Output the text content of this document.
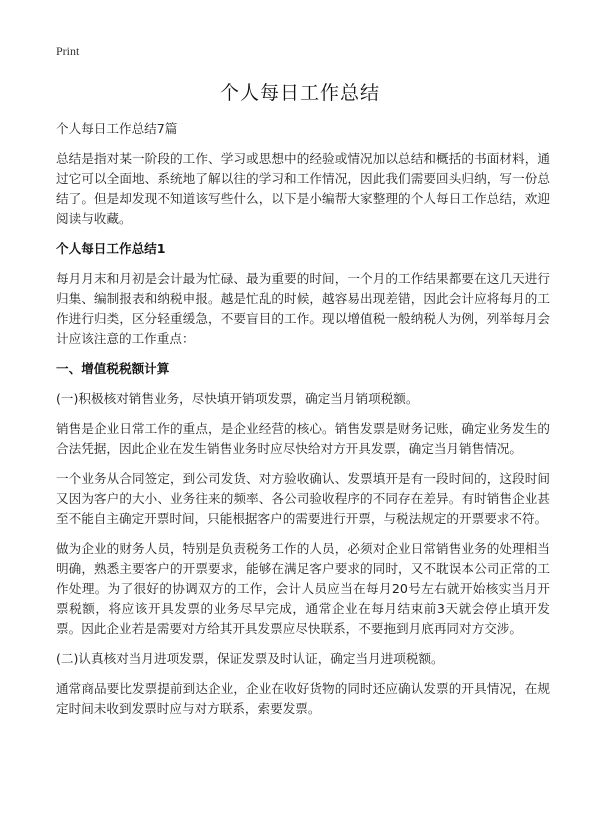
Print
个人每日工作总结

个人每日工作总结7篇

总结是指对某一阶段的工作、学习或思想中的经验或情况加以总结和概括的书面材料，通过它可以全面地、系统地了解以往的学习和工作情况，因此我们需要回头归纳，写一份总结了。但是却发现不知道该写些什么，以下是小编帮大家整理的个人每日工作总结，欢迎阅读与收藏。

个人每日工作总结1

每月月末和月初是会计最为忙碌、最为重要的时间，一个月的工作结果都要在这几天进行归集、编制报表和纳税申报。越是忙乱的时候，越容易出现差错，因此会计应将每月的工作进行归类，区分轻重缓急，不要盲目的工作。现以增值税一般纳税人为例，列举每月会计应该注意的工作重点：

一、增值税税额计算

(一)积极核对销售业务，尽快填开销项发票，确定当月销项税额。

销售是企业日常工作的重点，是企业经营的核心。销售发票是财务记账，确定业务发生的合法凭据，因此企业在发生销售业务时应尽快给对方开具发票，确定当月销售情况。

一个业务从合同签定，到公司发货、对方验收确认、发票填开是有一段时间的，这段时间又因为客户的大小、业务往来的频率、各公司验收程序的不同存在差异。有时销售企业甚至不能自主确定开票时间，只能根据客户的需要进行开票，与税法规定的开票要求不符。

做为企业的财务人员，特别是负责税务工作的人员，必须对企业日常销售业务的处理相当明确，熟悉主要客户的开票要求，能够在满足客户要求的同时，又不耽误本公司正常的工作处理。为了很好的协调双方的工作，会计人员应当在每月20号左右就开始核实当月开票税额，将应该开具发票的业务尽早完成，通常企业在每月结束前3天就会停止填开发票。因此企业若是需要对方给其开具发票应尽快联系，不要拖到月底再同对方交涉。

(二)认真核对当月进项发票，保证发票及时认证，确定当月进项税额。

通常商品要比发票提前到达企业，企业在收好货物的同时还应确认发票的开具情况，在规定时间未收到发票时应与对方联系，索要发票。
